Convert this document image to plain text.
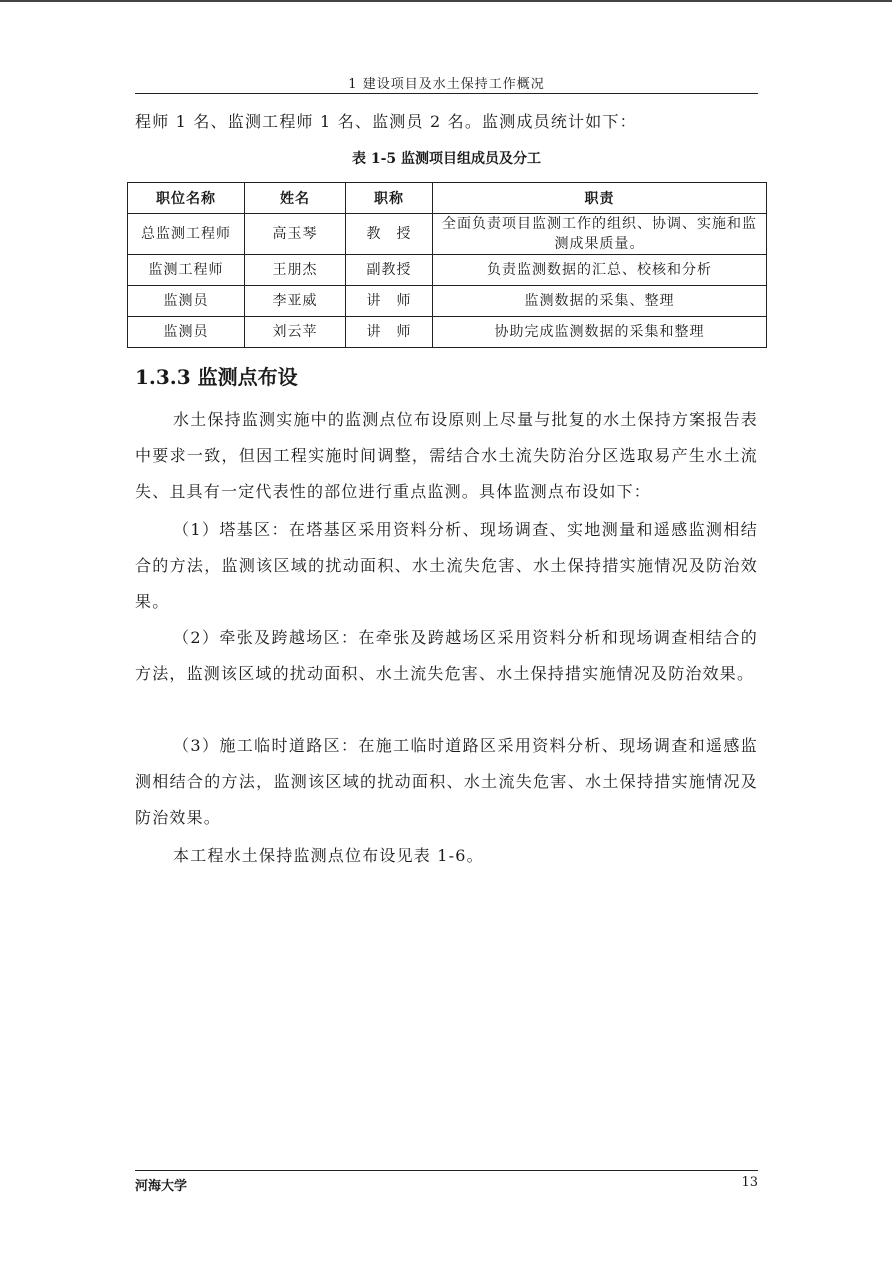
1 建设项目及水土保持工作概况

程师 1 名、监测工程师 1 名、监测员 2 名。监测成员统计如下：

表 1-5 监测项目组成员及分工
职位名称	姓名	职称	职责
总监测工程师	高玉琴	教　授	全面负责项目监测工作的组织、协调、实施和监测成果质量。
监测工程师	王朋杰	副教授	负责监测数据的汇总、校核和分析
监测员	李亚威	讲　师	监测数据的采集、整理
监测员	刘云苹	讲　师	协助完成监测数据的采集和整理
1.3.3 监测点布设

水土保持监测实施中的监测点位布设原则上尽量与批复的水土保持方案报告表中要求一致，但因工程实施时间调整，需结合水土流失防治分区选取易产生水土流失、且具有一定代表性的部位进行重点监测。具体监测点布设如下：

（1）塔基区：在塔基区采用资料分析、现场调查、实地测量和遥感监测相结合的方法，监测该区域的扰动面积、水土流失危害、水土保持措实施情况及防治效果。

（2）牵张及跨越场区：在牵张及跨越场区采用资料分析和现场调查相结合的方法，监测该区域的扰动面积、水土流失危害、水土保持措实施情况及防治效果。

（3）施工临时道路区：在施工临时道路区采用资料分析、现场调查和遥感监测相结合的方法，监测该区域的扰动面积、水土流失危害、水土保持措实施情况及防治效果。

本工程水土保持监测点位布设见表 1-6。

河海大学	13
